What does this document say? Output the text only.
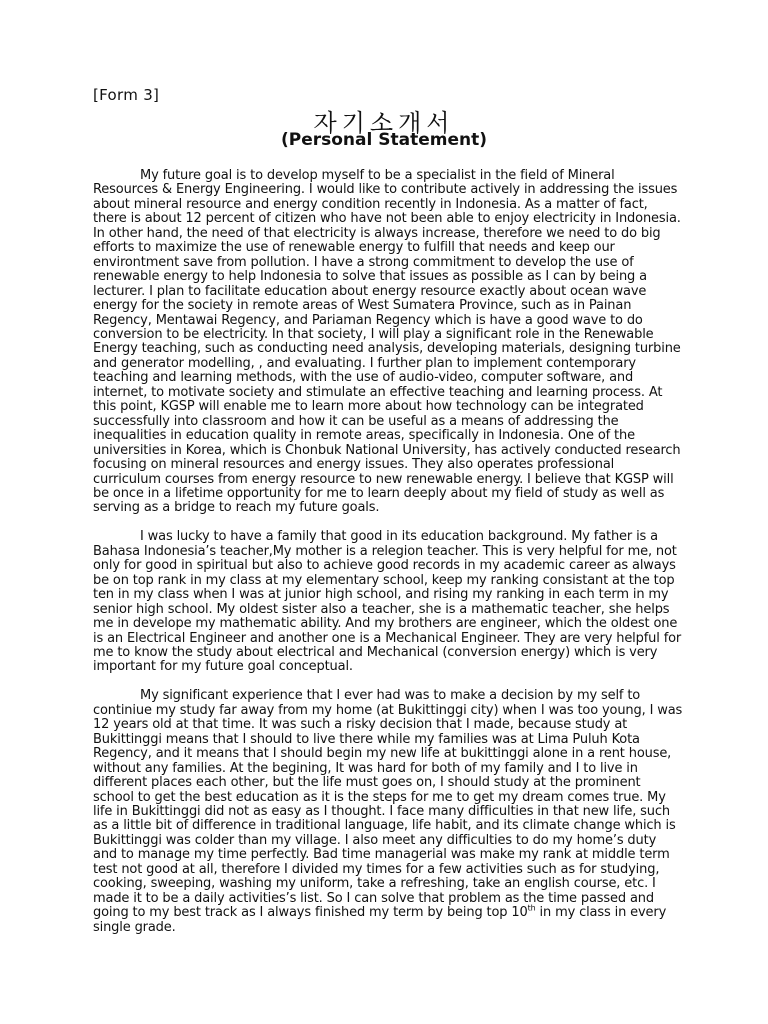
[Form 3]
자기소개서
(Personal Statement)

My future goal is to develop myself to be a specialist in the field of Mineral Resources & Energy Engineering. I would like to contribute actively in addressing the issues about mineral resource and energy condition recently in Indonesia. As a matter of fact, there is about 12 percent of citizen who have not been able to enjoy electricity in Indonesia. In other hand, the need of that electricity is always increase, therefore we need to do big efforts to maximize the use of renewable energy to fulfill that needs and keep our environtment save from pollution. I have a strong commitment to develop the use of renewable energy to help Indonesia to solve that issues as possible as I can by being a lecturer. I plan to facilitate education about energy resource exactly about ocean wave energy for the society in remote areas of West Sumatera Province, such as in Painan Regency, Mentawai Regency, and Pariaman Regency which is have a good wave to do conversion to be electricity. In that society, I will play a significant role in the Renewable Energy teaching, such as conducting need analysis, developing materials, designing turbine and generator modelling, , and evaluating. I further plan to implement contemporary teaching and learning methods, with the use of audio-video, computer software, and internet, to motivate society and stimulate an effective teaching and learning process. At this point, KGSP will enable me to learn more about how technology can be integrated successfully into classroom and how it can be useful as a means of addressing the inequalities in education quality in remote areas, specifically in Indonesia. One of the universities in Korea, which is Chonbuk National University, has actively conducted research focusing on mineral resources and energy issues. They also operates professional curriculum courses from energy resource to new renewable energy. I believe that KGSP will be once in a lifetime opportunity for me to learn deeply about my field of study as well as serving as a bridge to reach my future goals.

I was lucky to have a family that good in its education background. My father is a Bahasa Indonesia’s teacher,My mother is a relegion teacher. This is very helpful for me, not only for good in spiritual but also to achieve good records in my academic career as always be on top rank in my class at my elementary school, keep my ranking consistant at the top ten in my class when I was at junior high school, and rising my ranking in each term in my senior high school. My oldest sister also a teacher, she is a mathematic teacher, she helps me in develope my mathematic ability. And my brothers are engineer, which the oldest one is an Electrical Engineer and another one is a Mechanical Engineer. They are very helpful for me to know the study about electrical and Mechanical (conversion energy) which is very important for my future goal conceptual.

My significant experience that I ever had was to make a decision by my self to continiue my study far away from my home (at Bukittinggi city) when I was too young, I was 12 years old at that time. It was such a risky decision that I made, because study at Bukittinggi means that I should to live there while my families was at Lima Puluh Kota Regency, and it means that I should begin my new life at bukittinggi alone in a rent house, without any families. At the begining, It was hard for both of my family and I to live in different places each other, but the life must goes on, I should study at the prominent school to get the best education as it is the steps for me to get my dream comes true. My life in Bukittinggi did not as easy as I thought. I face many difficulties in that new life, such as a little bit of difference in traditional language, life habit, and its climate change which is Bukittinggi was colder than my village. I also meet any difficulties to do my home’s duty and to manage my time perfectly. Bad time managerial was make my rank at middle term test not good at all, therefore I divided my times for a few activities such as for studying, cooking, sweeping, washing my uniform, take a refreshing, take an english course, etc. I made it to be a daily activities’s list. So I can solve that problem as the time passed and going to my best track as I always finished my term by being top 10th in my class in every single grade.
